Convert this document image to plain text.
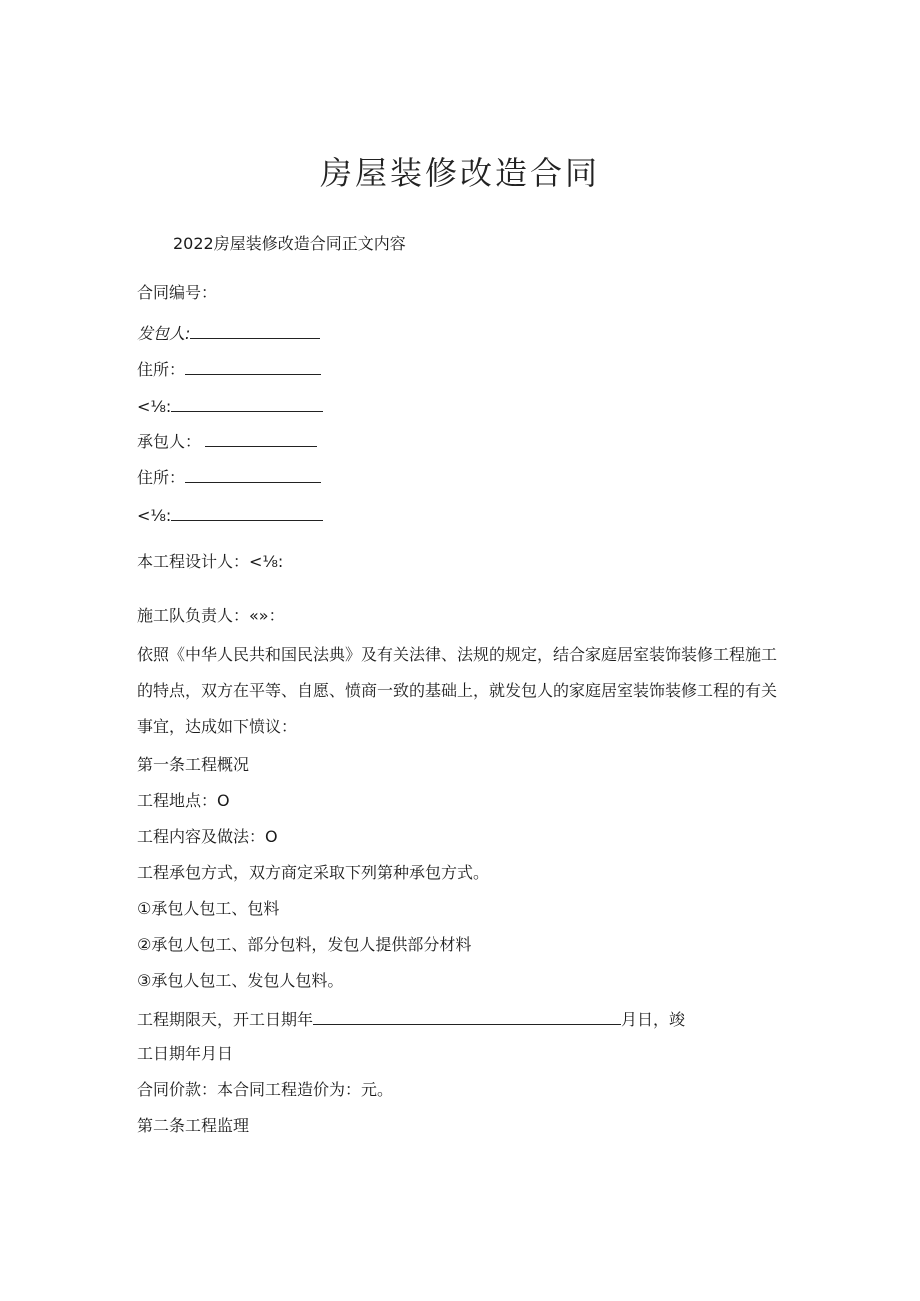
房屋装修改造合同
2022房屋装修改造合同正文内容
合同编号：
发包人:
住所：
<⅛:
承包人：
住所：
<⅛:
本工程设计人：<⅛:
施工队负责人：«»：
依照《中华人民共和国民法典》及有关法律、法规的规定，结合家庭居室装饰装修工程施工的特点，双方在平等、自愿、愤商一致的基础上，就发包人的家庭居室装饰装修工程的有关事宜，达成如下愤议：
第一条工程概况
工程地点：O
工程内容及做法：O
工程承包方式，双方商定采取下列第种承包方式。
①承包人包工、包料
②承包人包工、部分包料，发包人提供部分材料
③承包人包工、发包人包料。
工程期限天，开工日期年	月日，竣
工日期年月日
合同价款：本合同工程造价为：元。
第二条工程监理
